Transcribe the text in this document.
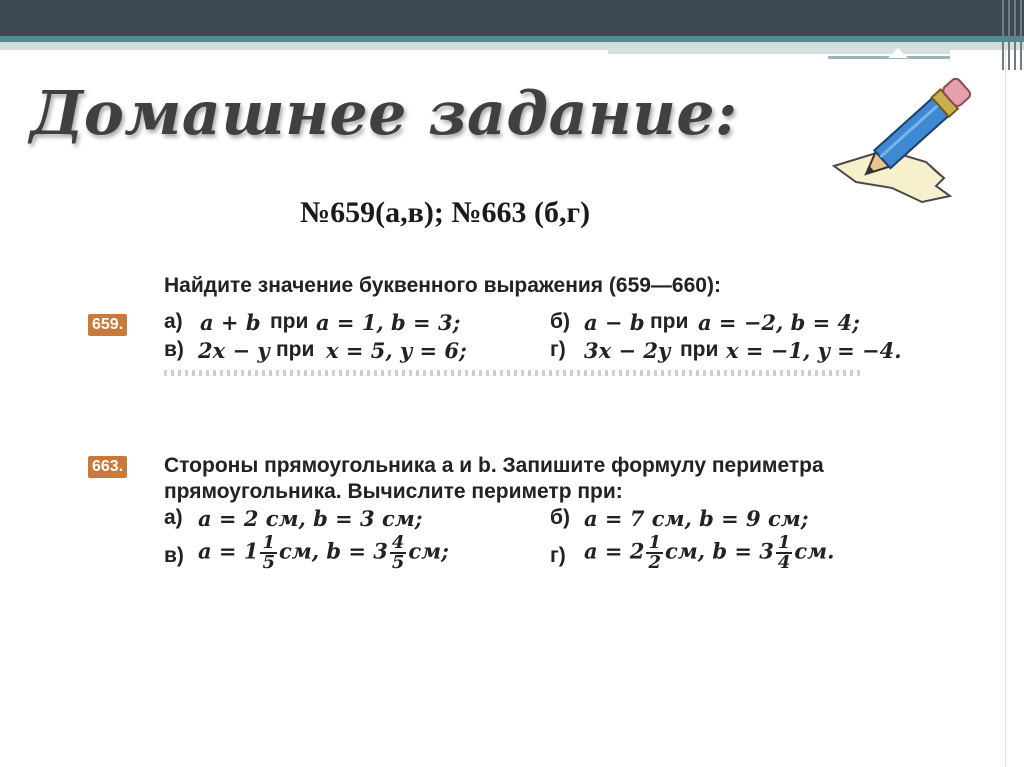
Домашнее задание:
№659(а,в); №663 (б,г)
Найдите значение буквенного выражения (659—660):
659. а) a + b при a = 1, b = 3;	б) a − b при a = −2, b = 4;
в) 2x − y при x = 5, y = 6;	г) 3x − 2y при x = −1, y = −4.
663. Стороны прямоугольника a и b. Запишите формулу периметра
прямоугольника. Вычислите периметр при:
а) a = 2 см, b = 3 см;	б) a = 7 см, b = 9 см;
в) $a = 1 \frac{1}{5}$ см, $b = 3 \frac{4}{5}$ см;	г) $a = 2 \frac{1}{2}$ см, $b = 3 \frac{1}{4}$ см.
